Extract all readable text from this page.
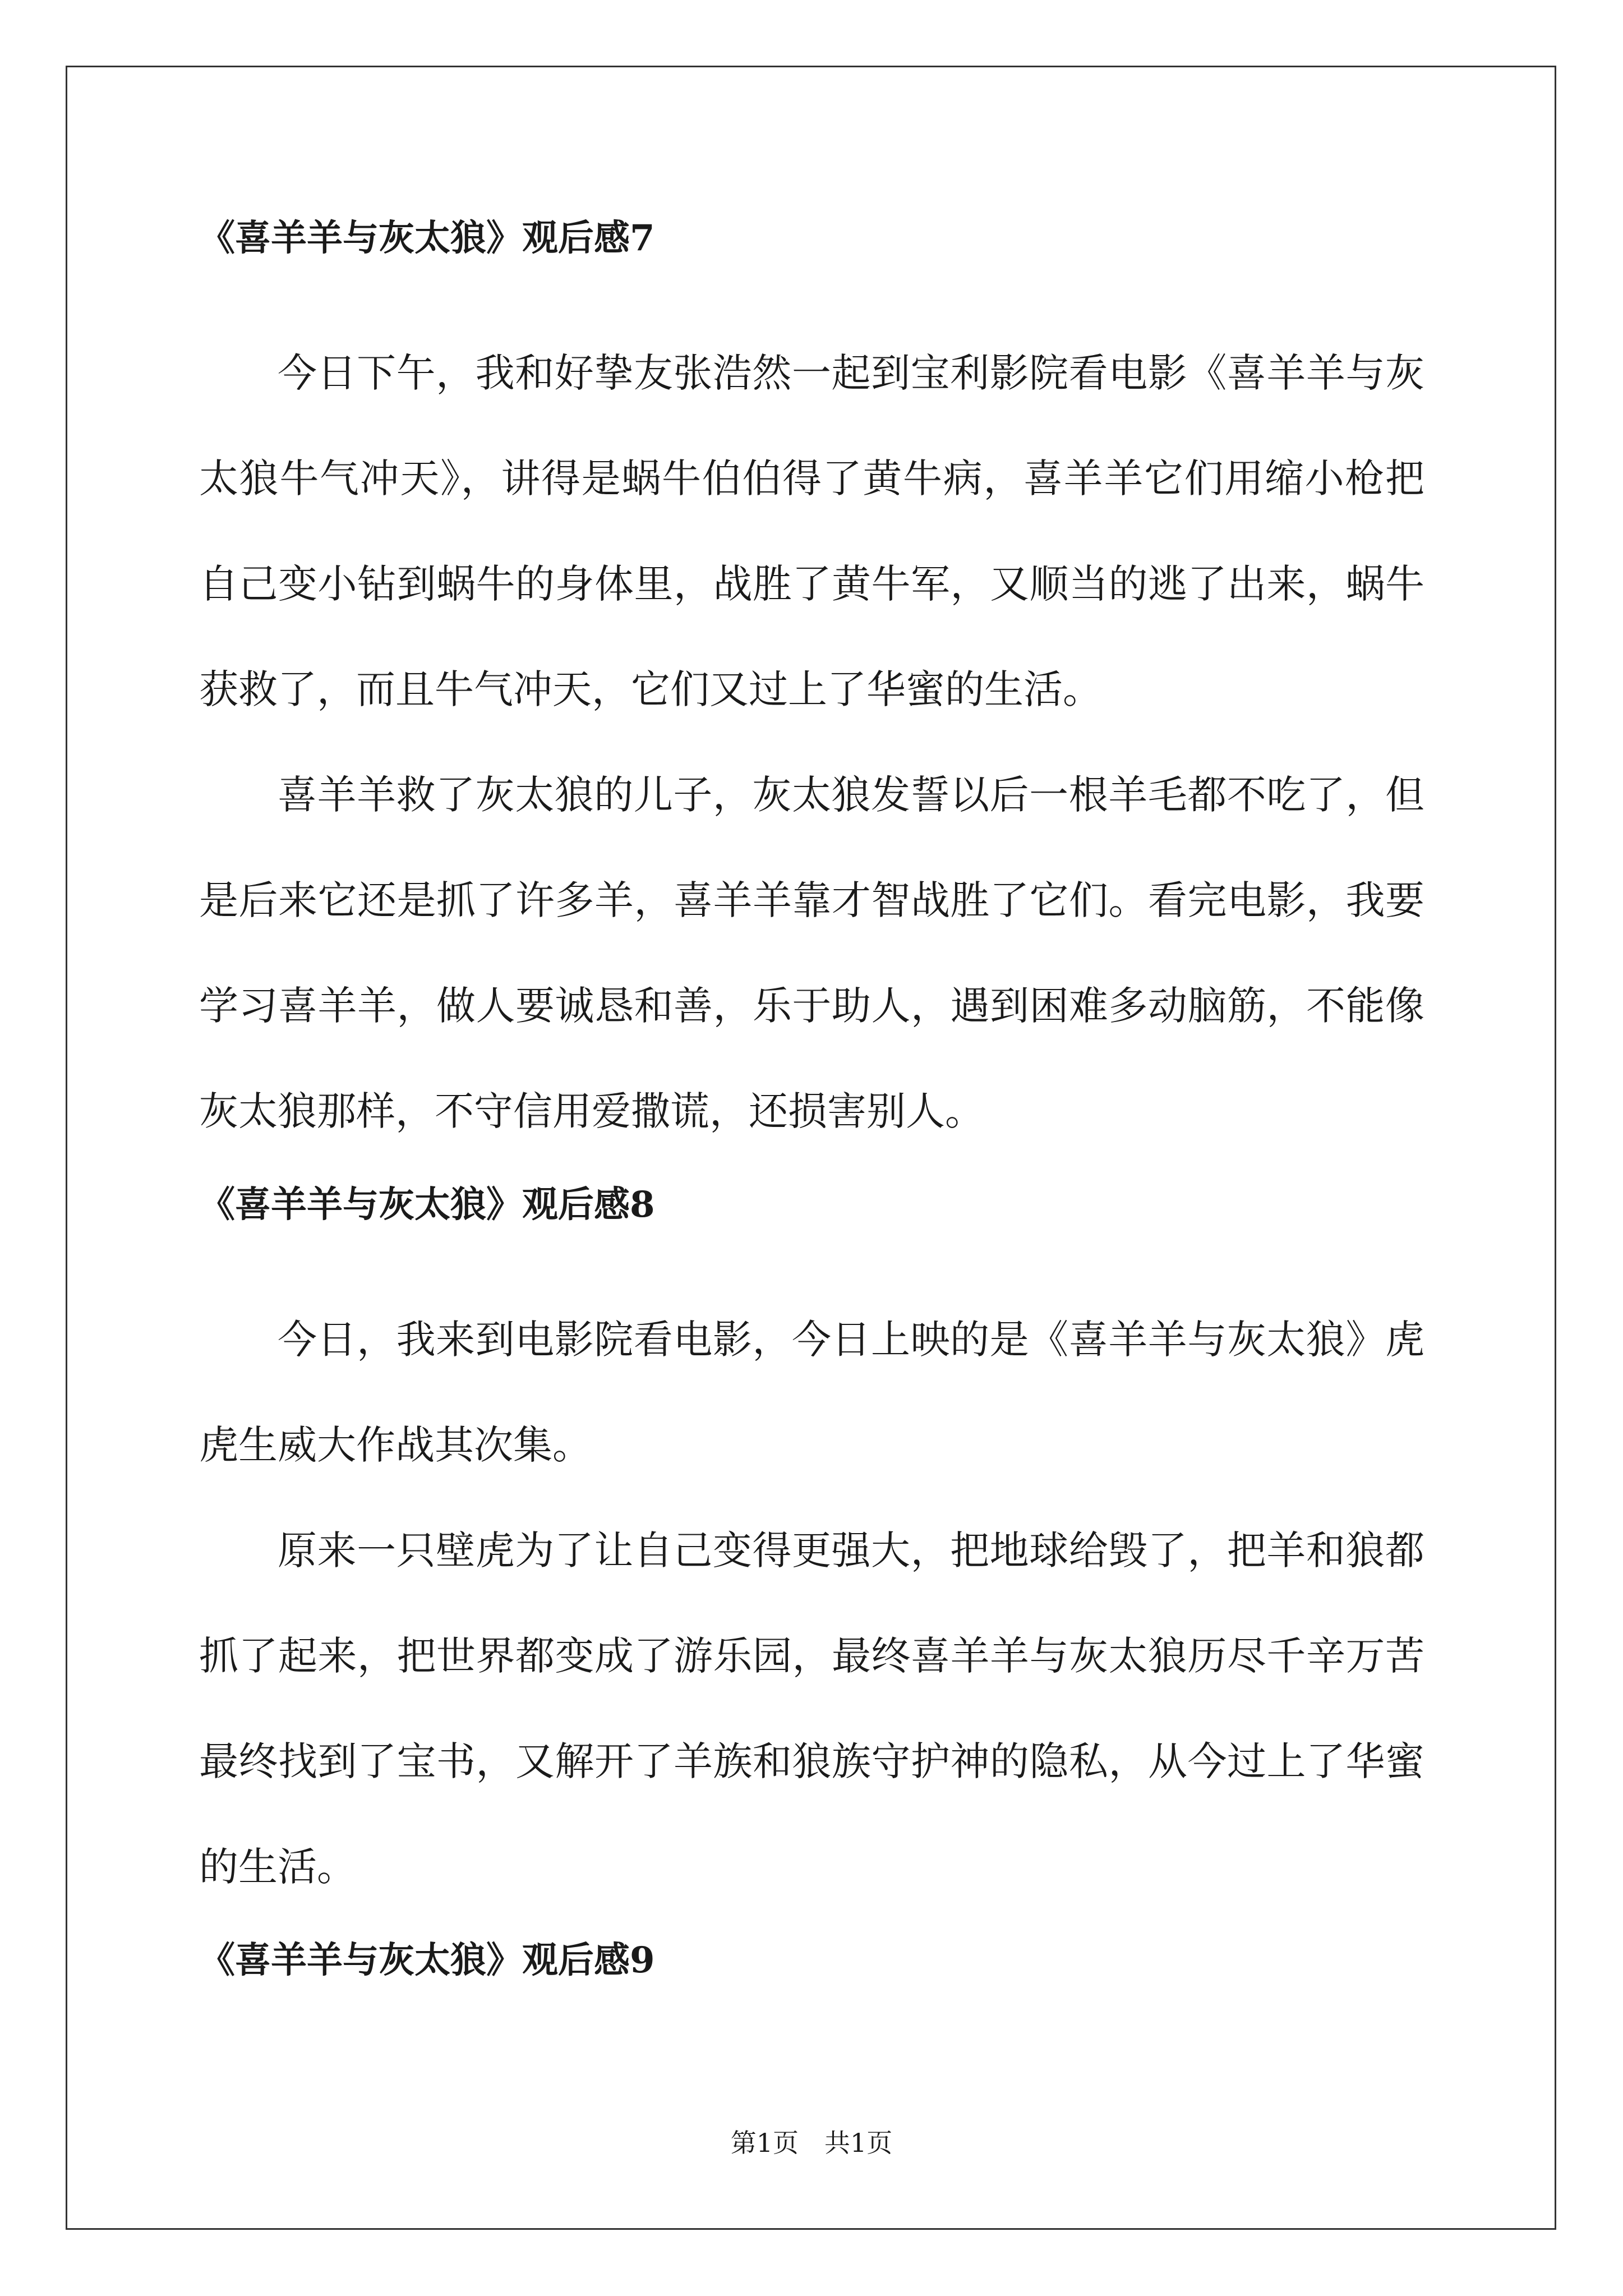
《喜羊羊与灰太狼》观后感7

今日下午，我和好挚友张浩然一起到宝利影院看电影《喜羊羊与灰太狼牛气冲天》，讲得是蜗牛伯伯得了黄牛病，喜羊羊它们用缩小枪把自己变小钻到蜗牛的身体里，战胜了黄牛军，又顺当的逃了出来，蜗牛获救了，而且牛气冲天，它们又过上了华蜜的生活。

喜羊羊救了灰太狼的儿子，灰太狼发誓以后一根羊毛都不吃了，但是后来它还是抓了许多羊，喜羊羊靠才智战胜了它们。看完电影，我要学习喜羊羊，做人要诚恳和善，乐于助人，遇到困难多动脑筋，不能像灰太狼那样，不守信用爱撒谎，还损害别人。

《喜羊羊与灰太狼》观后感8

今日，我来到电影院看电影，今日上映的是《喜羊羊与灰太狼》虎虎生威大作战其次集。

原来一只壁虎为了让自己变得更强大，把地球给毁了，把羊和狼都抓了起来，把世界都变成了游乐园，最终喜羊羊与灰太狼历尽千辛万苦最终找到了宝书，又解开了羊族和狼族守护神的隐私，从今过上了华蜜的生活。

《喜羊羊与灰太狼》观后感9
第1页　共1页
